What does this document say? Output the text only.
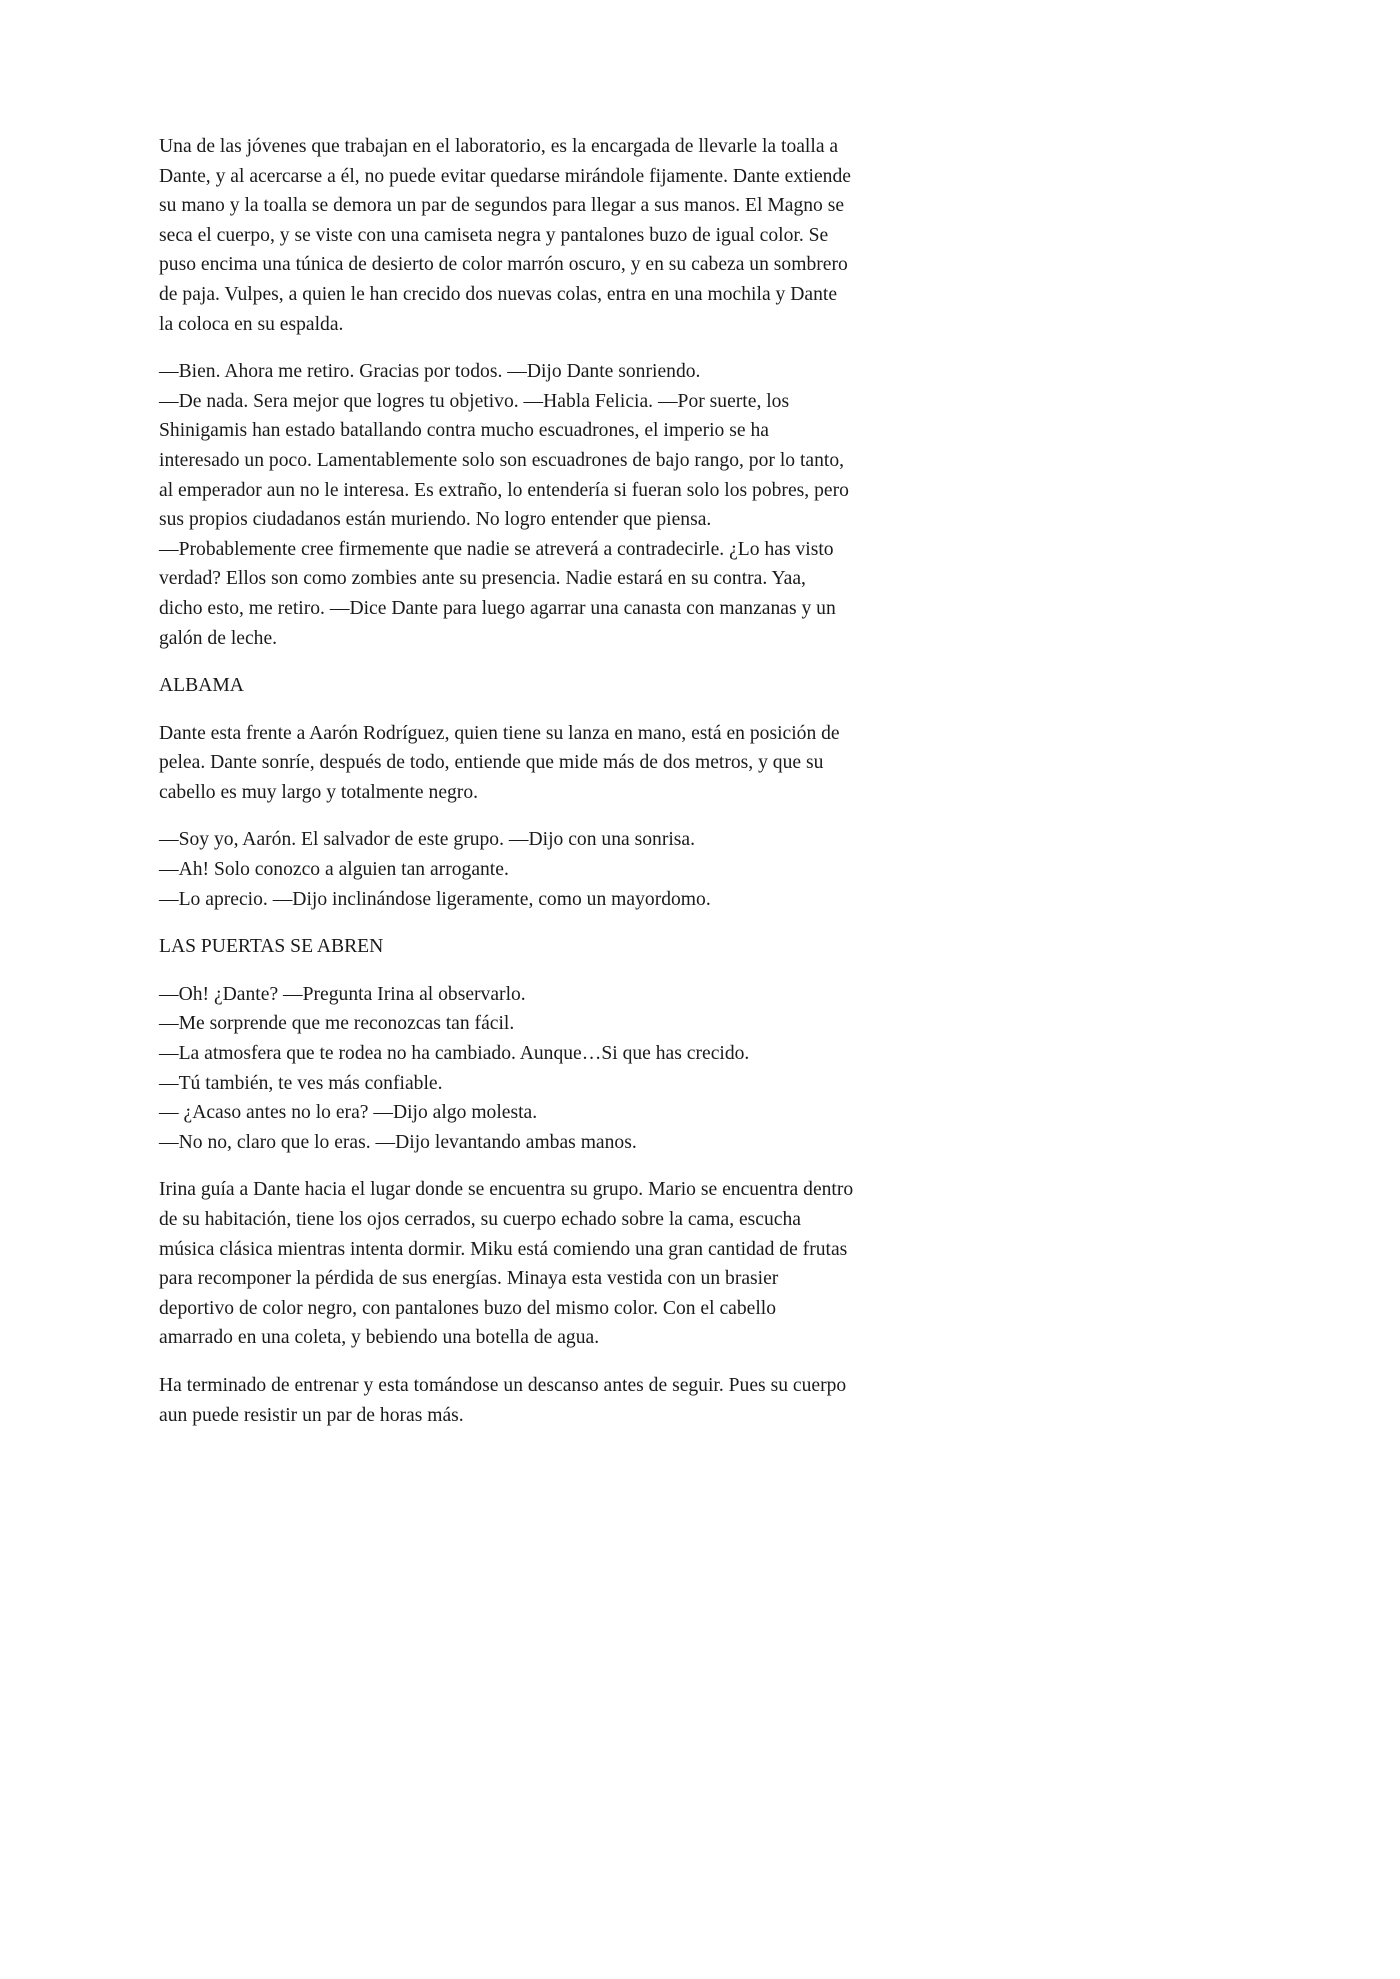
Una de las jóvenes que trabajan en el laboratorio, es la encargada de llevarle la toalla a
Dante, y al acercarse a él, no puede evitar quedarse mirándole fijamente. Dante extiende
su mano y la toalla se demora un par de segundos para llegar a sus manos. El Magno se
seca el cuerpo, y se viste con una camiseta negra y pantalones buzo de igual color. Se
puso encima una túnica de desierto de color marrón oscuro, y en su cabeza un sombrero
de paja. Vulpes, a quien le han crecido dos nuevas colas, entra en una mochila y Dante
la coloca en su espalda.
—Bien. Ahora me retiro. Gracias por todos. —Dijo Dante sonriendo.
—De nada. Sera mejor que logres tu objetivo. —Habla Felicia. —Por suerte, los
Shinigamis han estado batallando contra mucho escuadrones, el imperio se ha
interesado un poco. Lamentablemente solo son escuadrones de bajo rango, por lo tanto,
al emperador aun no le interesa. Es extraño, lo entendería si fueran solo los pobres, pero
sus propios ciudadanos están muriendo. No logro entender que piensa.
—Probablemente cree firmemente que nadie se atreverá a contradecirle. ¿Lo has visto
verdad? Ellos son como zombies ante su presencia. Nadie estará en su contra. Yaa,
dicho esto, me retiro. —Dice Dante para luego agarrar una canasta con manzanas y un
galón de leche.
ALBAMA
Dante esta frente a Aarón Rodríguez, quien tiene su lanza en mano, está en posición de
pelea. Dante sonríe, después de todo, entiende que mide más de dos metros, y que su
cabello es muy largo y totalmente negro.
—Soy yo, Aarón. El salvador de este grupo. —Dijo con una sonrisa.
—Ah! Solo conozco a alguien tan arrogante.
—Lo aprecio. —Dijo inclinándose ligeramente, como un mayordomo.
LAS PUERTAS SE ABREN
—Oh! ¿Dante? —Pregunta Irina al observarlo.
—Me sorprende que me reconozcas tan fácil.
—La atmosfera que te rodea no ha cambiado. Aunque…Si que has crecido.
—Tú también, te ves más confiable.
— ¿Acaso antes no lo era? —Dijo algo molesta.
—No no, claro que lo eras. —Dijo levantando ambas manos.
Irina guía a Dante hacia el lugar donde se encuentra su grupo. Mario se encuentra dentro
de su habitación, tiene los ojos cerrados, su cuerpo echado sobre la cama, escucha
música clásica mientras intenta dormir. Miku está comiendo una gran cantidad de frutas
para recomponer la pérdida de sus energías. Minaya esta vestida con un brasier
deportivo de color negro, con pantalones buzo del mismo color. Con el cabello
amarrado en una coleta, y bebiendo una botella de agua.
Ha terminado de entrenar y esta tomándose un descanso antes de seguir. Pues su cuerpo
aun puede resistir un par de horas más.
